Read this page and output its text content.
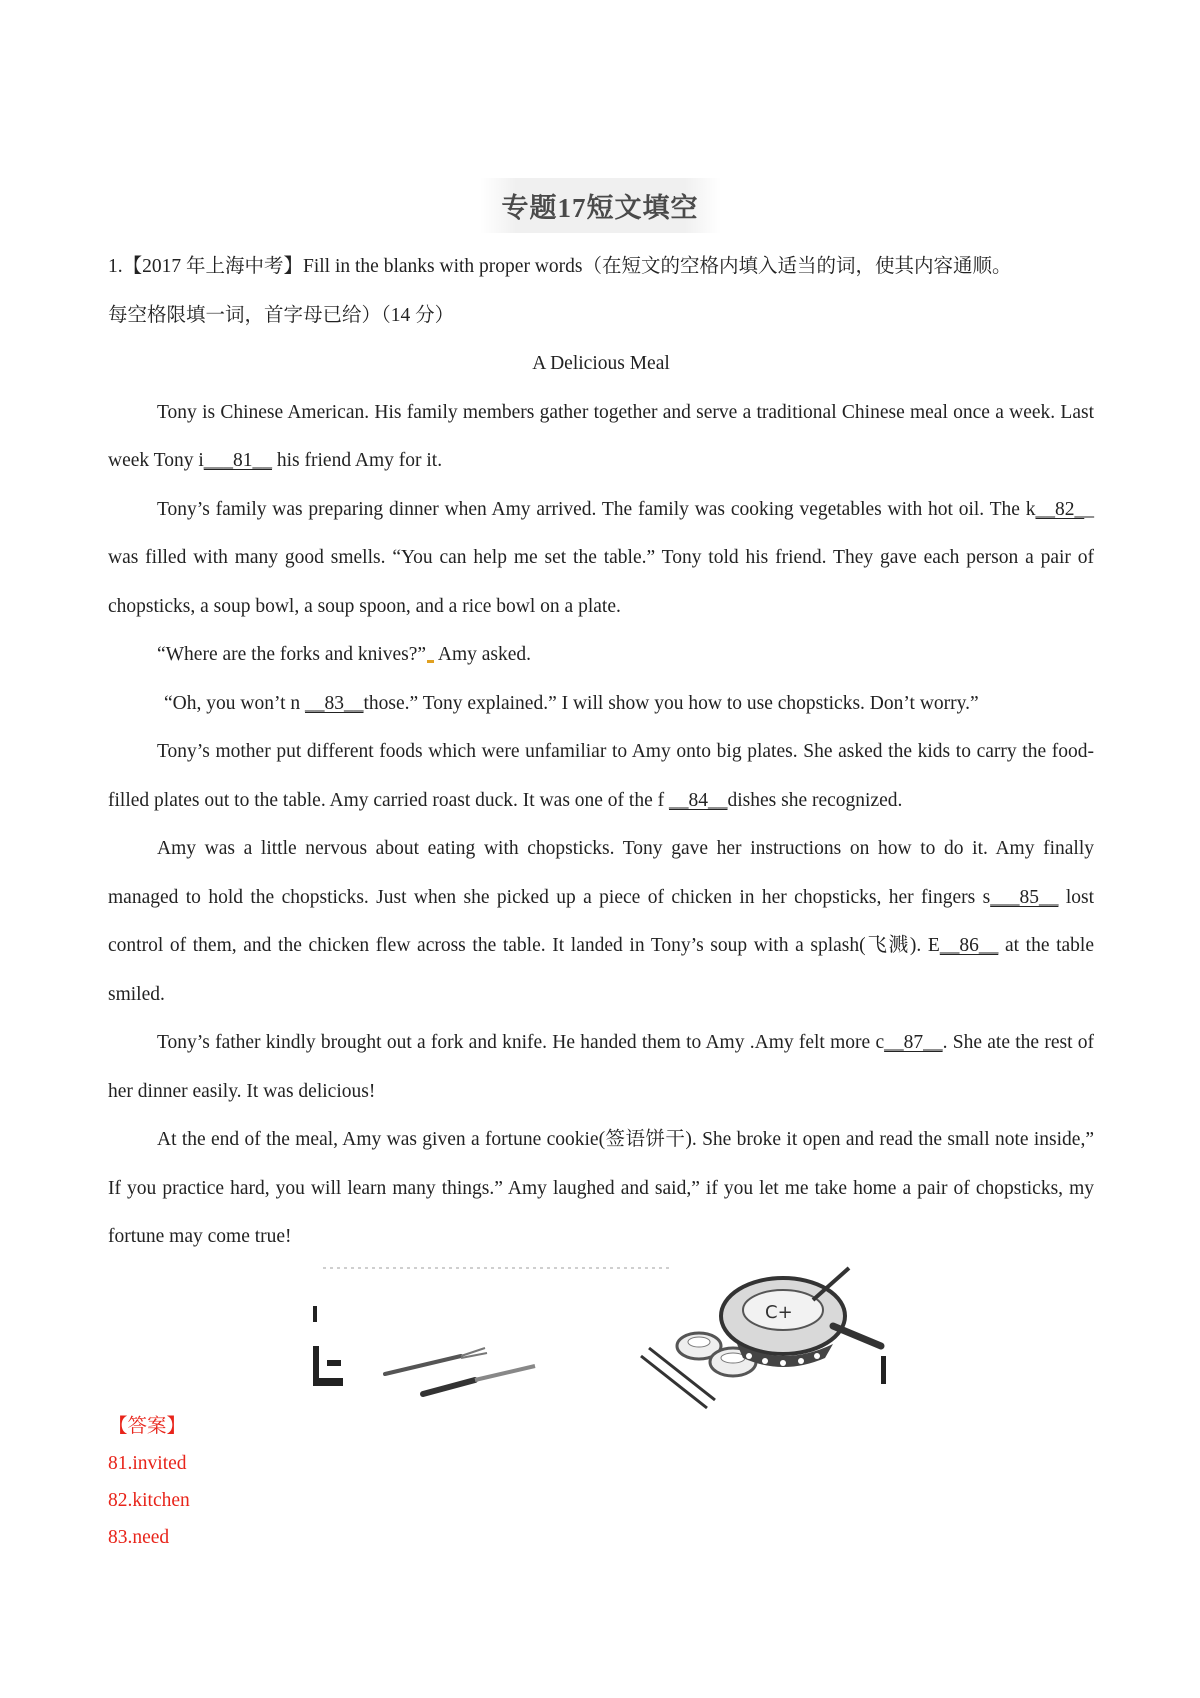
专题17短文填空

1.【2017 年上海中考】Fill in the blanks with proper words（在短文的空格内填入适当的词，使其内容通顺。

每空格限填一词，首字母已给）（14 分）

A Delicious Meal

Tony is Chinese American. His family members gather together and serve a traditional Chinese meal once a week. Last week Tony i___81__ his friend Amy for it.

Tony’s family was preparing dinner when Amy arrived. The family was cooking vegetables with hot oil. The k__82__ was filled with many good smells. “You can help me set the table.” Tony told his friend. They gave each person a pair of chopsticks, a soup bowl, a soup spoon, and a rice bowl on a plate.

“Where are the forks and knives?” Amy asked.

“Oh, you won’t n __83__those.” Tony explained.” I will show you how to use chopsticks. Don’t worry.”

Tony’s mother put different foods which were unfamiliar to Amy onto big plates. She asked the kids to carry the food-filled plates out to the table. Amy carried roast duck. It was one of the f __84__dishes she recognized.

Amy was a little nervous about eating with chopsticks. Tony gave her instructions on how to do it. Amy finally managed to hold the chopsticks. Just when she picked up a piece of chicken in her chopsticks, her fingers s___85__ lost control of them, and the chicken flew across the table. It landed in Tony’s soup with a splash(飞溅). E__86__ at the table smiled.

Tony’s father kindly brought out a fork and knife. He handed them to Amy .Amy felt more c__87__. She ate the rest of her dinner easily. It was delicious!

At the end of the meal, Amy was given a fortune cookie(签语饼干). She broke it open and read the small note inside,” If you practice hard, you will learn many things.” Amy laughed and said,” if you let me take home a pair of chopsticks, my fortune may come true!

C+
【答案】
81.invited
82.kitchen
83.need
